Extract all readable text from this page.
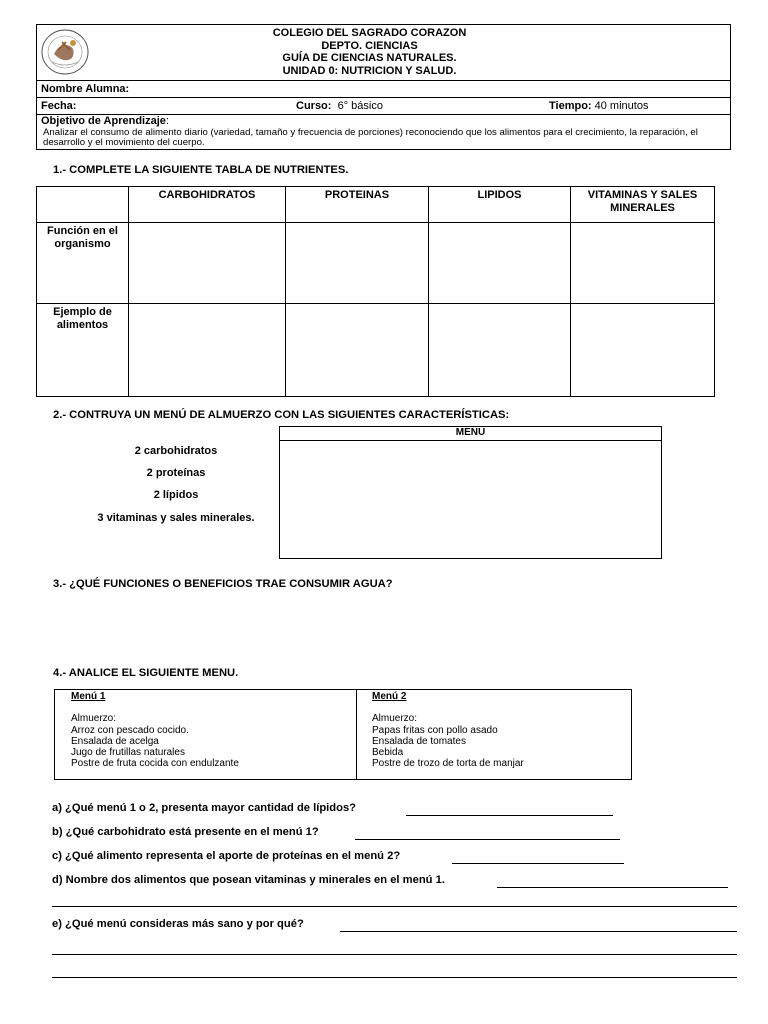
COLEGIO DEL SAGRADO CORAZON
DEPTO. CIENCIAS
GUÍA DE CIENCIAS NATURALES.
UNIDAD 0: NUTRICION Y SALUD.
Nombre Alumna:
Fecha:	Curso: 6° básico	Tiempo: 40 minutos
Objetivo de Aprendizaje:
Analizar el consumo de alimento diario (variedad, tamaño y frecuencia de porciones) reconociendo que los alimentos para el crecimiento, la reparación, el desarrollo y el movimiento del cuerpo.
1.- COMPLETE LA SIGUIENTE TABLA DE NUTRIENTES.
	CARBOHIDRATOS	PROTEINAS	LIPIDOS	VITAMINAS Y SALES MINERALES
Función en el organismo				
Ejemplo de alimentos				
2.- CONTRUYA UN MENÚ DE ALMUERZO CON LAS SIGUIENTES CARACTERÍSTICAS:
2 carbohidratos
2 proteínas
2 lípidos
3 vitaminas y sales minerales.
MENU
3.- ¿QUÉ FUNCIONES O BENEFICIOS TRAE CONSUMIR AGUA?
4.- ANALICE EL SIGUIENTE MENU.
Menú 1
Almuerzo:
Arroz con pescado cocido.
Ensalada de acelga
Jugo de frutillas naturales
Postre de fruta cocida con endulzante
Menú 2
Almuerzo:
Papas fritas con pollo asado
Ensalada de tomates
Bebida
Postre de trozo de torta de manjar
a) ¿Qué menú 1 o 2, presenta mayor cantidad de lípidos?
b) ¿Qué carbohidrato está presente en el menú 1?
c) ¿Qué alimento representa el aporte de proteínas en el menú 2?
d) Nombre dos alimentos que posean vitaminas y minerales en el menú 1.
e) ¿Qué menú consideras más sano y por qué?
